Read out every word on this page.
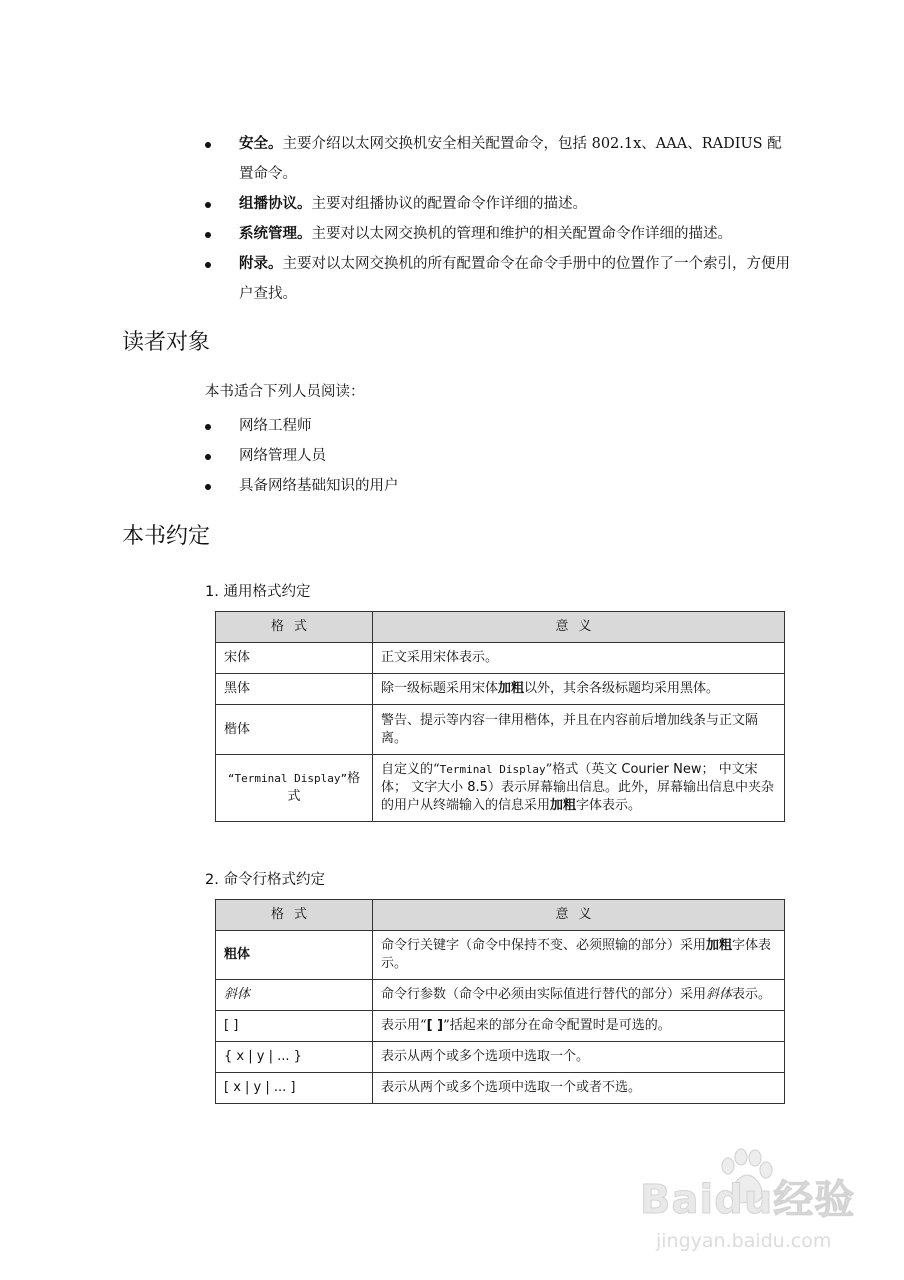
安全。主要介绍以太网交换机安全相关配置命令，包括 802.1x、AAA、RADIUS 配置命令。
组播协议。主要对组播协议的配置命令作详细的描述。
系统管理。主要对以太网交换机的管理和维护的相关配置命令作详细的描述。
附录。主要对以太网交换机的所有配置命令在命令手册中的位置作了一个索引，方便用户查找。
读者对象

本书适合下列人员阅读：

网络工程师
网络管理人员
具备网络基础知识的用户
本书约定

1. 通用格式约定

格式	意义
宋体	正文采用宋体表示。
黑体	除一级标题采用宋体加粗以外，其余各级标题均采用黑体。
楷体	警告、提示等内容一律用楷体，并且在内容前后增加线条与正文隔离。
“Terminal Display”格式	自定义的“Terminal Display”格式（英文 Courier New； 中文宋体； 文字大小 8.5）表示屏幕输出信息。此外，屏幕输出信息中夹杂的用户从终端输入的信息采用加粗字体表示。

2. 命令行格式约定

格式	意义
粗体	命令行关键字（命令中保持不变、必须照输的部分）采用加粗字体表示。
斜体	命令行参数（命令中必须由实际值进行替代的部分）采用斜体表示。
[ ]	表示用“[ ]”括起来的部分在命令配置时是可选的。
{ x | y | ... }	表示从两个或多个选项中选取一个。
[ x | y | ... ]	表示从两个或多个选项中选取一个或者不选。
Baidu经验
jingyan.baidu.com
